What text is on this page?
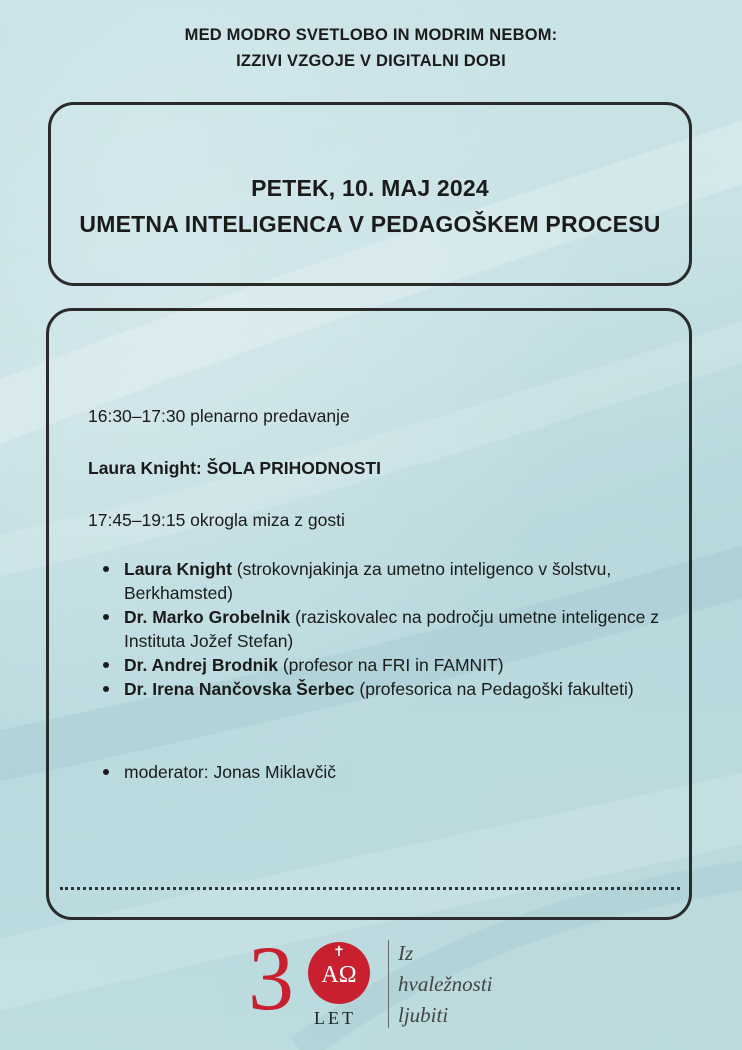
MED MODRO SVETLOBO IN MODRIM NEBOM:
IZZIVI VZGOJE V DIGITALNI DOBI
PETEK, 10. MAJ 2024
UMETNA INTELIGENCA V PEDAGOŠKEM PROCESU
16:30–17:30 plenarno predavanje
Laura Knight: ŠOLA PRIHODNOSTI
17:45–19:15 okrogla miza z gosti
Laura Knight (strokovnjakinja za umetno inteligenco v šolstvu, Berkhamsted)
Dr. Marko Grobelnik (raziskovalec na področju umetne inteligence z Instituta Jožef Stefan)
Dr. Andrej Brodnik (profesor na FRI in FAMNIT)
Dr. Irena Nančovska Šerbec (profesorica na Pedagoški fakulteti)
moderator: Jonas Miklavčič
3	✝
AΩ
LET
Iz
hvaležnosti
ljubiti
